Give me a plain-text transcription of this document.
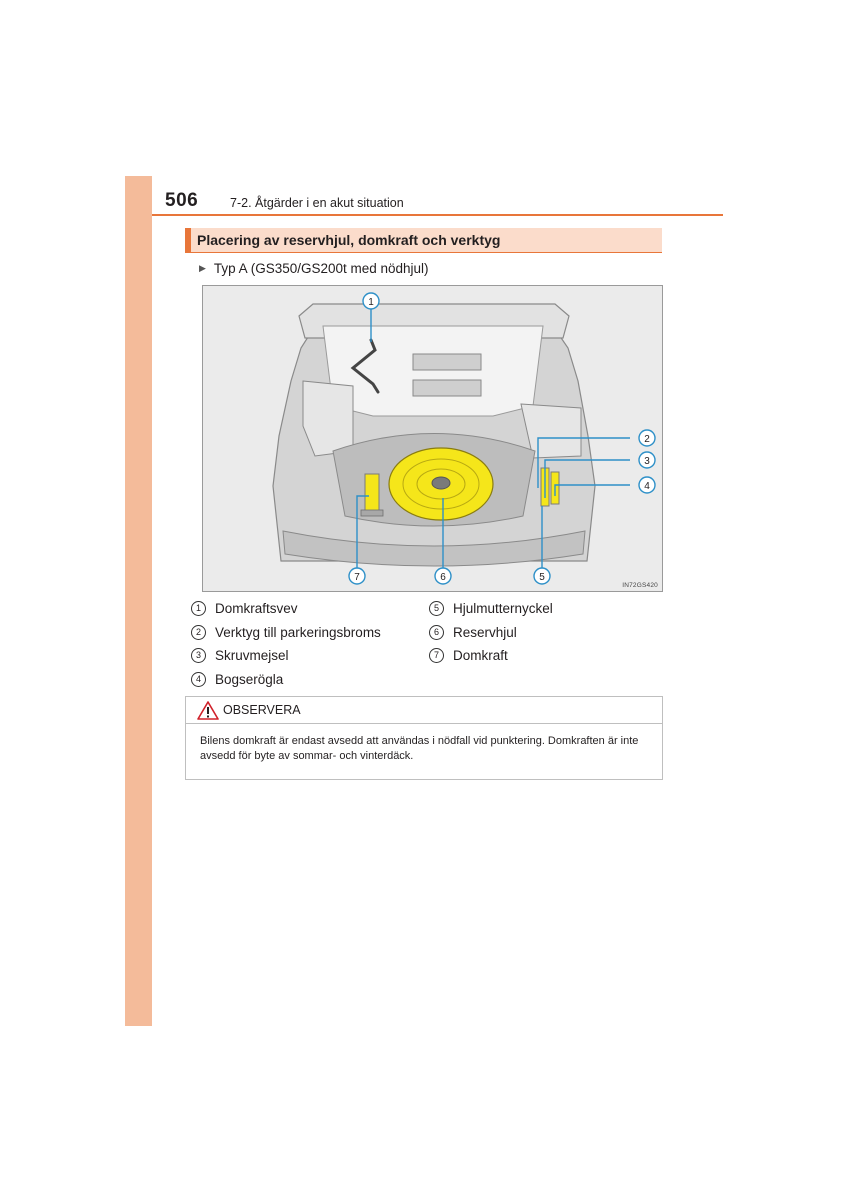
506	7-2. Åtgärder i en akut situation
Placering av reservhjul, domkraft och verktyg
▶ Typ A (GS350/GS200t med nödhjul)
1
2
3
4
5
6
7
IN72GS420
1	Domkraftsvev
2	Verktyg till parkeringsbroms
3	Skruvmejsel
4	Bogserögla
5	Hjulmutternyckel
6	Reservhjul
7	Domkraft
OBSERVERA
Bilens domkraft är endast avsedd att användas i nödfall vid punktering. Domkraften är inte avsedd för byte av sommar- och vinterdäck.
